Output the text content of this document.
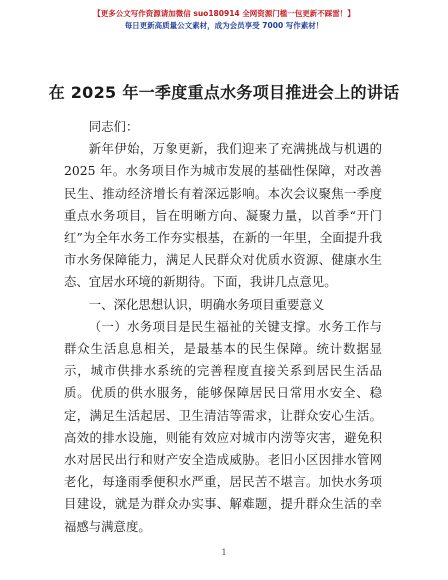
【更多公文写作资源请加微信 suo180914 全网资源门槛一包更新不踩雷！】
每日更新高质量公文素材，成为会员享受 7000 写作素材！
在 2025 年一季度重点水务项目推进会上的讲话

同志们：

新年伊始，万象更新，我们迎来了充满挑战与机遇的 2025 年。水务项目作为城市发展的基础性保障，对改善民生、推动经济增长有着深远影响。本次会议聚焦一季度重点水务项目，旨在明晰方向、凝聚力量，以首季“开门红”为全年水务工作夯实根基，在新的一年里，全面提升我市水务保障能力，满足人民群众对优质水资源、健康水生态、宜居水环境的新期待。下面，我讲几点意见。

一、深化思想认识，明确水务项目重要意义

（一）水务项目是民生福祉的关键支撑。水务工作与群众生活息息相关，是最基本的民生保障。统计数据显示，城市供排水系统的完善程度直接关系到居民生活品质。优质的供水服务，能够保障居民日常用水安全、稳定，满足生活起居、卫生清洁等需求，让群众安心生活。高效的排水设施，则能有效应对城市内涝等灾害，避免积水对居民出行和财产安全造成威胁。老旧小区因排水管网老化，每逢雨季便积水严重，居民苦不堪言。加快水务项目建设，就是为群众办实事、解难题，提升群众生活的幸福感与满意度。

1
